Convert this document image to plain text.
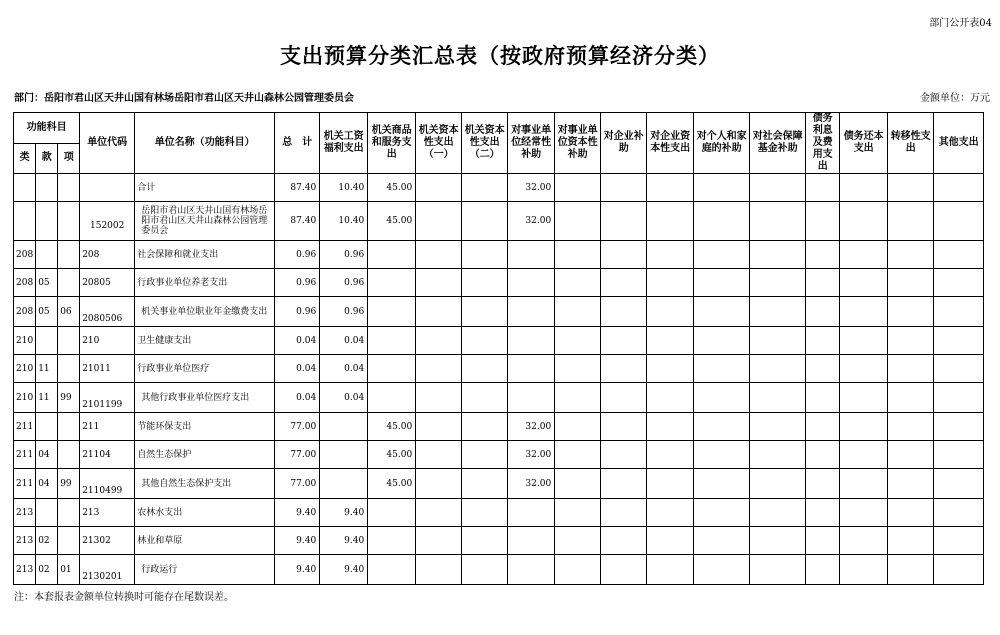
部门公开表04
支出预算分类汇总表（按政府预算经济分类）
部门：岳阳市君山区天井山国有林场岳阳市君山区天井山森林公园管理委员会	金额单位：万元
功能科目			单位代码	单位名称（功能科目）	总　计	机关工资福利支出	机关商品和服务支出	机关资本性支出（一）	机关资本性支出（二）	对事业单位经常性补助	对事业单位资本性补助	对企业补助	对企业资本性支出	对个人和家庭的补助	对社会保障基金补助	债务利息及费用支出	债务还本支出	转移性支出	其他支出
类	款	项																	
				合计	87.40	10.40	45.00			32.00									
			152002	岳阳市君山区天井山国有林场岳阳市君山区天井山森林公园管理委员会	87.40	10.40	45.00			32.00									
208			208	社会保障和就业支出	0.96	0.96													
208	05		20805	行政事业单位养老支出	0.96	0.96													
208	05	06	2080506	机关事业单位职业年金缴费支出	0.96	0.96													
210			210	卫生健康支出	0.04	0.04													
210	11		21011	行政事业单位医疗	0.04	0.04													
210	11	99	2101199	其他行政事业单位医疗支出	0.04	0.04													
211			211	节能环保支出	77.00		45.00			32.00									
211	04		21104	自然生态保护	77.00		45.00			32.00									
211	04	99	2110499	其他自然生态保护支出	77.00		45.00			32.00									
213			213	农林水支出	9.40	9.40													
213	02		21302	林业和草原	9.40	9.40													
213	02	01	2130201	行政运行	9.40	9.40													
注：本套报表金额单位转换时可能存在尾数误差。
